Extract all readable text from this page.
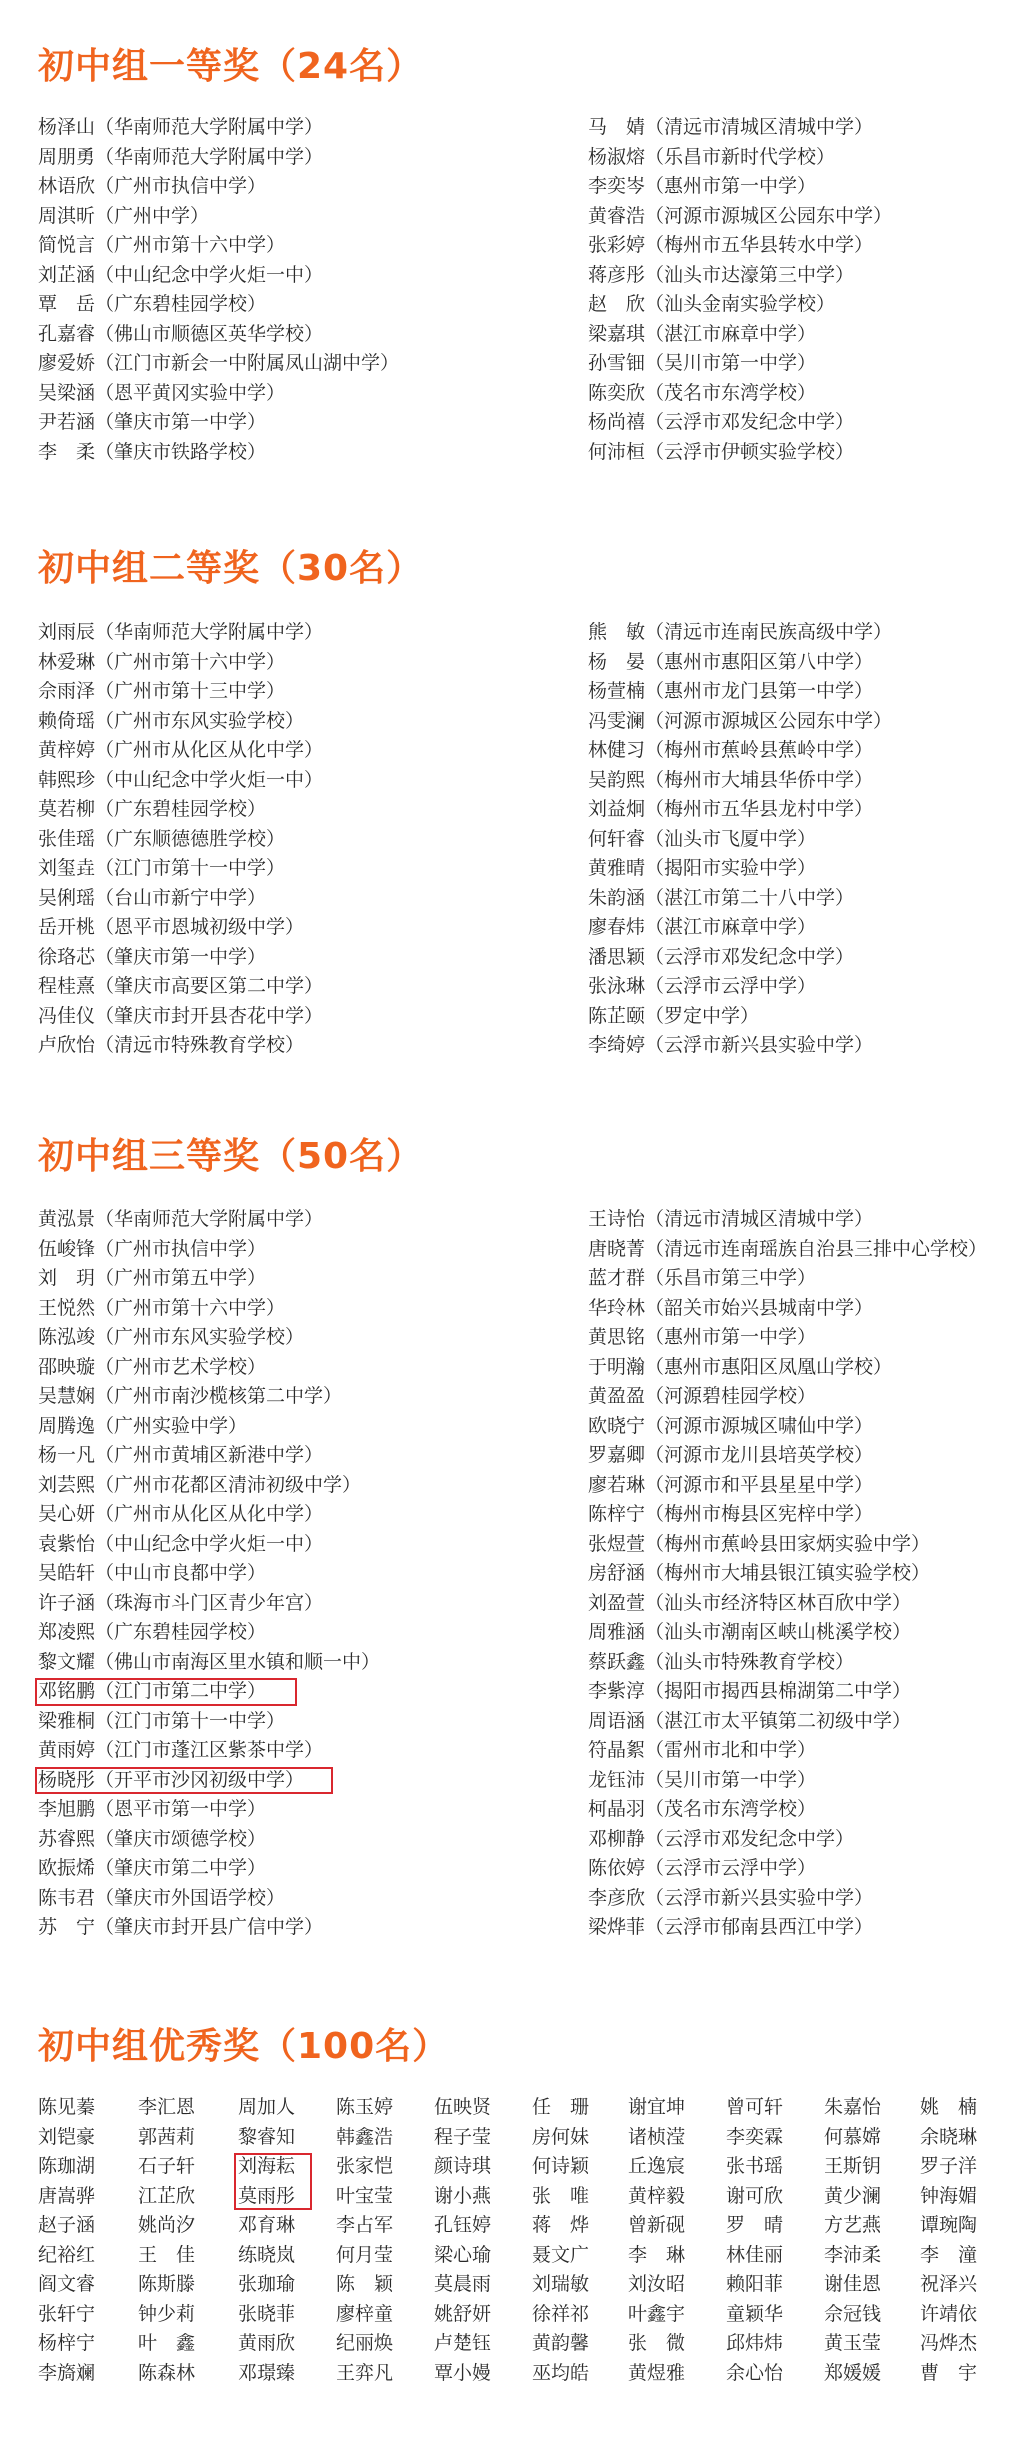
初中组一等奖（24名）
杨泽山（华南师范大学附属中学）
周朋勇（华南师范大学附属中学）
林语欣（广州市执信中学）
周淇昕（广州中学）
简悦言（广州市第十六中学）
刘芷涵（中山纪念中学火炬一中）
覃　岳（广东碧桂园学校）
孔嘉睿（佛山市顺德区英华学校）
廖爱娇（江门市新会一中附属凤山湖中学）
吴梁涵（恩平黄冈实验中学）
尹若涵（肇庆市第一中学）
李　柔（肇庆市铁路学校）
马　婧（清远市清城区清城中学）
杨淑熔（乐昌市新时代学校）
李奕岑（惠州市第一中学）
黄睿浩（河源市源城区公园东中学）
张彩婷（梅州市五华县转水中学）
蒋彦彤（汕头市达濠第三中学）
赵　欣（汕头金南实验学校）
梁嘉琪（湛江市麻章中学）
孙雪钿（吴川市第一中学）
陈奕欣（茂名市东湾学校）
杨尚禧（云浮市邓发纪念中学）
何沛桓（云浮市伊顿实验学校）
初中组二等奖（30名）
刘雨辰（华南师范大学附属中学）
林爱琳（广州市第十六中学）
佘雨泽（广州市第十三中学）
赖倚瑶（广州市东风实验学校）
黄梓婷（广州市从化区从化中学）
韩熙珍（中山纪念中学火炬一中）
莫若柳（广东碧桂园学校）
张佳瑶（广东顺德德胜学校）
刘玺垚（江门市第十一中学）
吴俐瑶（台山市新宁中学）
岳开桃（恩平市恩城初级中学）
徐珞芯（肇庆市第一中学）
程桂熹（肇庆市高要区第二中学）
冯佳仪（肇庆市封开县杏花中学）
卢欣怡（清远市特殊教育学校）
熊　敏（清远市连南民族高级中学）
杨　晏（惠州市惠阳区第八中学）
杨萱楠（惠州市龙门县第一中学）
冯雯澜（河源市源城区公园东中学）
林健习（梅州市蕉岭县蕉岭中学）
吴韵熙（梅州市大埔县华侨中学）
刘益炯（梅州市五华县龙村中学）
何轩睿（汕头市飞厦中学）
黄雅晴（揭阳市实验中学）
朱韵涵（湛江市第二十八中学）
廖春炜（湛江市麻章中学）
潘思颖（云浮市邓发纪念中学）
张泳琳（云浮市云浮中学）
陈芷颐（罗定中学）
李绮婷（云浮市新兴县实验中学）
初中组三等奖（50名）
黄泓景（华南师范大学附属中学）
伍峻锋（广州市执信中学）
刘　玥（广州市第五中学）
王悦然（广州市第十六中学）
陈泓竣（广州市东风实验学校）
邵映璇（广州市艺术学校）
吴慧娴（广州市南沙榄核第二中学）
周腾逸（广州实验中学）
杨一凡（广州市黄埔区新港中学）
刘芸熙（广州市花都区清沛初级中学）
吴心妍（广州市从化区从化中学）
袁紫怡（中山纪念中学火炬一中）
吴皓轩（中山市良都中学）
许子涵（珠海市斗门区青少年宫）
郑凌熙（广东碧桂园学校）
黎文耀（佛山市南海区里水镇和顺一中）
邓铭鹏（江门市第二中学）
梁雅桐（江门市第十一中学）
黄雨婷（江门市蓬江区紫茶中学）
杨晓彤（开平市沙冈初级中学）
李旭鹏（恩平市第一中学）
苏睿熙（肇庆市颂德学校）
欧振烯（肇庆市第二中学）
陈韦君（肇庆市外国语学校）
苏　宁（肇庆市封开县广信中学）
王诗怡（清远市清城区清城中学）
唐晓菁（清远市连南瑶族自治县三排中心学校）
蓝才群（乐昌市第三中学）
华玲林（韶关市始兴县城南中学）
黄思铭（惠州市第一中学）
于明瀚（惠州市惠阳区凤凰山学校）
黄盈盈（河源碧桂园学校）
欧晓宁（河源市源城区啸仙中学）
罗嘉卿（河源市龙川县培英学校）
廖若琳（河源市和平县星星中学）
陈梓宁（梅州市梅县区宪梓中学）
张煜萱（梅州市蕉岭县田家炳实验中学）
房舒涵（梅州市大埔县银江镇实验学校）
刘盈萱（汕头市经济特区林百欣中学）
周雅涵（汕头市潮南区峡山桃溪学校）
蔡跃鑫（汕头市特殊教育学校）
李紫淳（揭阳市揭西县棉湖第二中学）
周语涵（湛江市太平镇第二初级中学）
符晶絮（雷州市北和中学）
龙钰沛（吴川市第一中学）
柯晶羽（茂名市东湾学校）
邓柳静（云浮市邓发纪念中学）
陈依婷（云浮市云浮中学）
李彦欣（云浮市新兴县实验中学）
梁烨菲（云浮市郁南县西江中学）
初中组优秀奖（100名）
陈见蓁	李汇恩	周加人	陈玉婷	伍映贤	任　珊	谢宜坤	曾可轩	朱嘉怡	姚　楠
刘铠豪	郭茜莉	黎睿知	韩鑫浩	程子莹	房何妹	诸桢滢	李奕霖	何慕嫦	余晓琳
陈珈湖	石子轩	刘海耘	张家恺	颜诗琪	何诗颖	丘逸宸	张书瑶	王斯钥	罗子洋
唐嵩骅	江芷欣	莫雨彤	叶宝莹	谢小燕	张　唯	黄梓毅	谢可欣	黄少澜	钟海媚
赵子涵	姚尚汐	邓育琳	李占军	孔钰婷	蒋　烨	曾新砚	罗　晴	方艺燕	谭琬陶
纪裕红	王　佳	练晓岚	何月莹	梁心瑜	聂文广	李　琳	林佳丽	李沛柔	李　潼
阎文睿	陈斯滕	张珈瑜	陈　颖	莫晨雨	刘瑞敏	刘汝昭	赖阳菲	谢佳恩	祝泽兴
张轩宁	钟少莉	张晓菲	廖梓童	姚舒妍	徐祥祁	叶鑫宇	童颖华	佘冠钱	许靖依
杨梓宁	叶　鑫	黄雨欣	纪丽焕	卢楚钰	黄韵馨	张　微	邱炜炜	黄玉莹	冯烨杰
李旖斓	陈森林	邓璟臻	王弈凡	覃小嫚	巫均皓	黄煜雅	余心怡	郑媛媛	曹　宇
